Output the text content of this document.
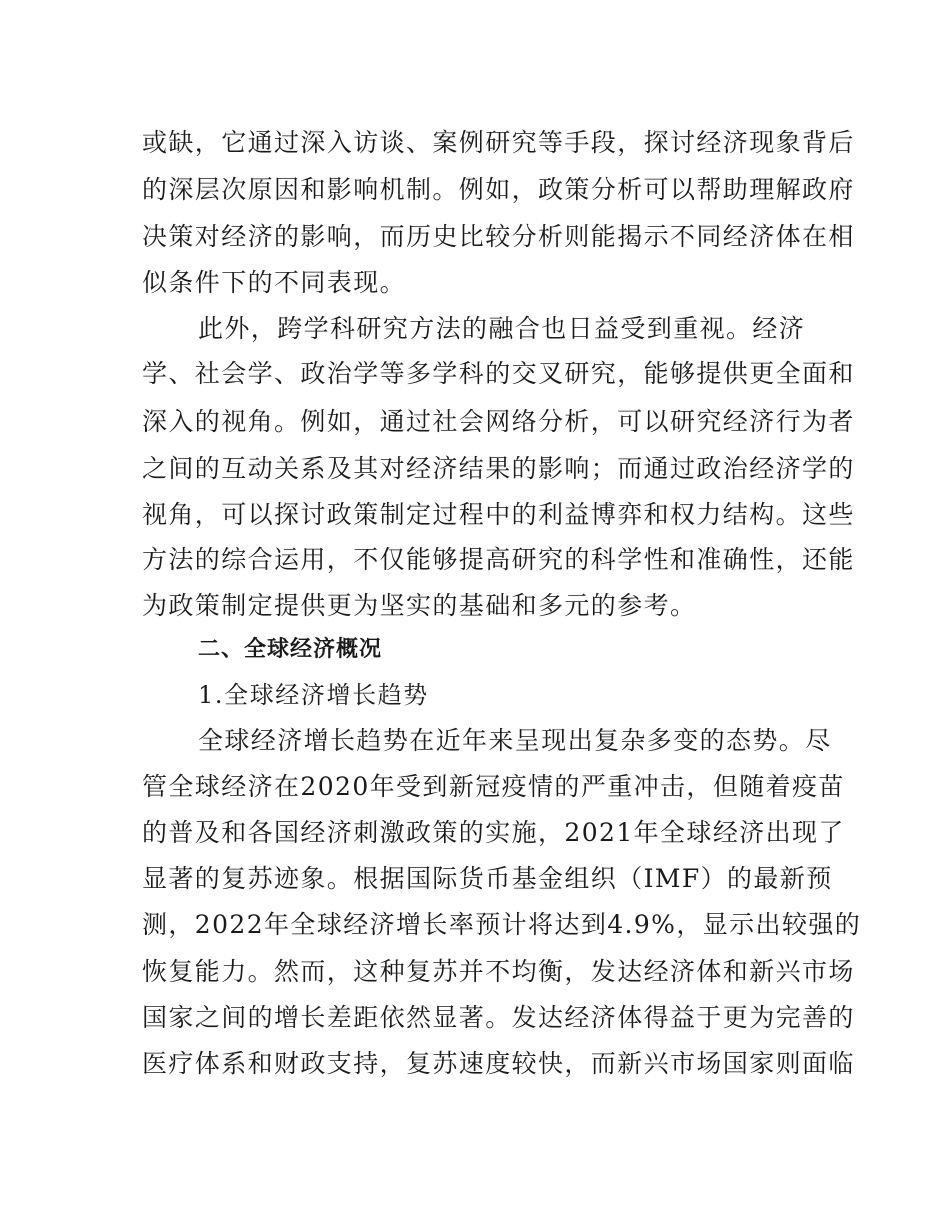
或缺，它通过深入访谈、案例研究等手段，探讨经济现象背后
的深层次原因和影响机制。例如，政策分析可以帮助理解政府
决策对经济的影响，而历史比较分析则能揭示不同经济体在相
似条件下的不同表现。
此外，跨学科研究方法的融合也日益受到重视。经济
学、社会学、政治学等多学科的交叉研究，能够提供更全面和
深入的视角。例如，通过社会网络分析，可以研究经济行为者
之间的互动关系及其对经济结果的影响；而通过政治经济学的
视角，可以探讨政策制定过程中的利益博弈和权力结构。这些
方法的综合运用，不仅能够提高研究的科学性和准确性，还能
为政策制定提供更为坚实的基础和多元的参考。
二、全球经济概况
1.全球经济增长趋势
全球经济增长趋势在近年来呈现出复杂多变的态势。尽
管全球经济在2020年受到新冠疫情的严重冲击，但随着疫苗
的普及和各国经济刺激政策的实施，2021年全球经济出现了
显著的复苏迹象。根据国际货币基金组织（IMF）的最新预
测，2022年全球经济增长率预计将达到4.9%，显示出较强的
恢复能力。然而，这种复苏并不均衡，发达经济体和新兴市场
国家之间的增长差距依然显著。发达经济体得益于更为完善的
医疗体系和财政支持，复苏速度较快，而新兴市场国家则面临
